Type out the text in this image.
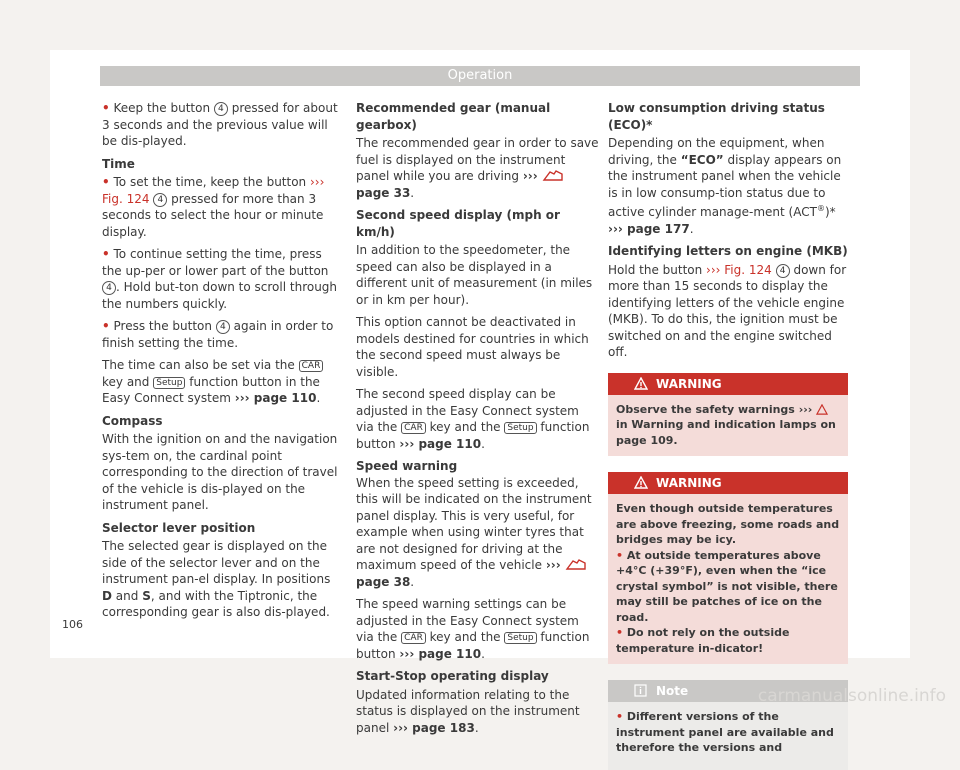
Operation

• Keep the button 4 pressed for about 3 seconds and the previous value will be dis-played.

Time

• To set the time, keep the button ››› Fig. 124 4 pressed for more than 3 seconds to select the hour or minute display.

• To continue setting the time, press the up-per or lower part of the button 4 . Hold but-ton down to scroll through the numbers quickly.

• Press the button 4 again in order to finish setting the time.

The time can also be set via the CAR key and Setup function button in the Easy Connect system ››› page 110.

Compass

With the ignition on and the navigation sys-tem on, the cardinal point corresponding to the direction of travel of the vehicle is dis-played on the instrument panel.

Selector lever position

The selected gear is displayed on the side of the selector lever and on the instrument pan-el display. In positions D and S, and with the Tiptronic, the corresponding gear is also dis-played.

Recommended gear (manual gearbox)

The recommended gear in order to save fuel is displayed on the instrument panel while you are driving ›››  page 33.

Second speed display (mph or km/h)

In addition to the speedometer, the speed can also be displayed in a different unit of measurement (in miles or in km per hour).

This option cannot be deactivated in models destined for countries in which the second speed must always be visible.

The second speed display can be adjusted in the Easy Connect system via the CAR key and the Setup function button ››› page 110.

Speed warning

When the speed setting is exceeded, this will be indicated on the instrument panel display. This is very useful, for example when using winter tyres that are not designed for driving at the maximum speed of the vehicle ›››  page 38.

The speed warning settings can be adjusted in the Easy Connect system via the CAR key and the Setup function button ››› page 110.

Start-Stop operating display

Updated information relating to the status is displayed on the instrument panel ››› page 183.

Low consumption driving status (ECO)*

Depending on the equipment, when driving, the “ECO” display appears on the instrument panel when the vehicle is in low consump-tion status due to active cylinder manage-ment (ACT®)* ››› page 177.

Identifying letters on engine (MKB)

Hold the button ››› Fig. 124 4 down for more than 15 seconds to display the identifying letters of the vehicle engine (MKB). To do this, the ignition must be switched on and the engine switched off.

WARNING

Observe the safety warnings ›››  in Warning and indication lamps on page 109.

WARNING

Even though outside temperatures are above freezing, some roads and bridges may be icy.

• At outside temperatures above +4°C (+39°F), even when the “ice crystal symbol” is not visible, there may still be patches of ice on the road.

• Do not rely on the outside temperature in-dicator!

Note

• Different versions of the instrument panel are available and therefore the versions and

106
carmanualsonline.info
